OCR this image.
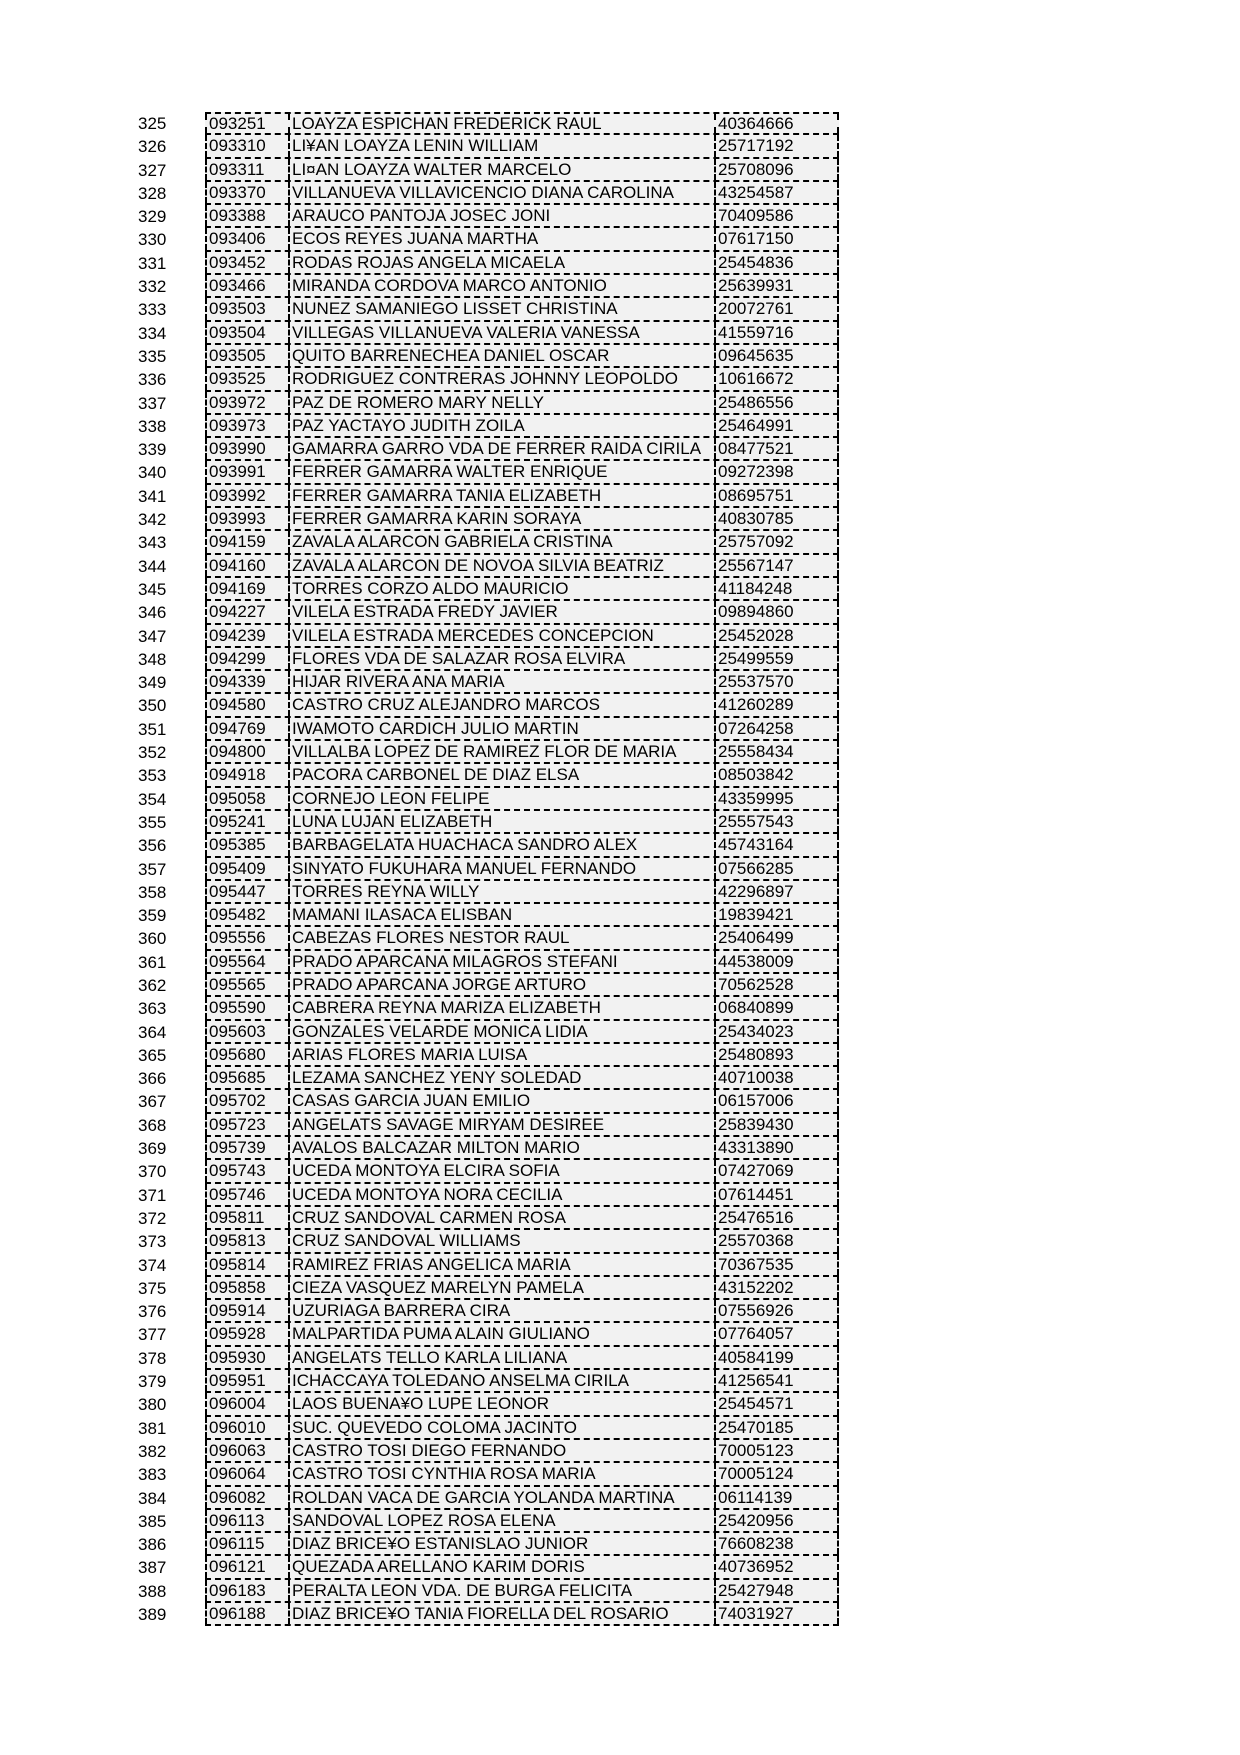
325	093251	LOAYZA ESPICHAN FREDERICK RAUL	40364666
326	093310	LI¥AN LOAYZA LENIN WILLIAM	25717192
327	093311	LI¤AN LOAYZA WALTER MARCELO	25708096
328	093370	VILLANUEVA VILLAVICENCIO DIANA CAROLINA	43254587
329	093388	ARAUCO PANTOJA JOSEC JONI	70409586
330	093406	ECOS REYES JUANA MARTHA	07617150
331	093452	RODAS ROJAS ANGELA MICAELA	25454836
332	093466	MIRANDA CORDOVA MARCO ANTONIO	25639931
333	093503	NUNEZ SAMANIEGO LISSET CHRISTINA	20072761
334	093504	VILLEGAS VILLANUEVA VALERIA VANESSA	41559716
335	093505	QUITO BARRENECHEA DANIEL OSCAR	09645635
336	093525	RODRIGUEZ CONTRERAS JOHNNY LEOPOLDO	10616672
337	093972	PAZ DE ROMERO MARY NELLY	25486556
338	093973	PAZ YACTAYO JUDITH ZOILA	25464991
339	093990	GAMARRA GARRO VDA DE FERRER RAIDA CIRILA 08477521
340	093991	FERRER GAMARRA WALTER ENRIQUE	09272398
341	093992	FERRER GAMARRA TANIA ELIZABETH	08695751
342	093993	FERRER GAMARRA KARIN SORAYA	40830785
343	094159	ZAVALA ALARCON GABRIELA CRISTINA	25757092
344	094160	ZAVALA ALARCON DE NOVOA SILVIA BEATRIZ	25567147
345	094169	TORRES CORZO ALDO MAURICIO	41184248
346	094227	VILELA ESTRADA FREDY JAVIER	09894860
347	094239	VILELA ESTRADA MERCEDES CONCEPCION	25452028
348	094299	FLORES VDA DE SALAZAR ROSA ELVIRA	25499559
349	094339	HIJAR RIVERA ANA MARIA	25537570
350	094580	CASTRO CRUZ ALEJANDRO MARCOS	41260289
351	094769	IWAMOTO CARDICH JULIO MARTIN	07264258
352	094800	VILLALBA LOPEZ DE RAMIREZ FLOR DE MARIA	25558434
353	094918	PACORA CARBONEL DE DIAZ ELSA	08503842
354	095058	CORNEJO LEON FELIPE	43359995
355	095241	LUNA LUJAN ELIZABETH	25557543
356	095385	BARBAGELATA HUACHACA SANDRO ALEX	45743164
357	095409	SINYATO FUKUHARA MANUEL FERNANDO	07566285
358	095447	TORRES REYNA WILLY	42296897
359	095482	MAMANI ILASACA ELISBAN	19839421
360	095556	CABEZAS FLORES NESTOR RAUL	25406499
361	095564	PRADO APARCANA MILAGROS STEFANI	44538009
362	095565	PRADO APARCANA JORGE ARTURO	70562528
363	095590	CABRERA REYNA MARIZA ELIZABETH	06840899
364	095603	GONZALES VELARDE MONICA LIDIA	25434023
365	095680	ARIAS FLORES MARIA LUISA	25480893
366	095685	LEZAMA SANCHEZ YENY SOLEDAD	40710038
367	095702	CASAS GARCIA JUAN EMILIO	06157006
368	095723	ANGELATS SAVAGE MIRYAM DESIREE	25839430
369	095739	AVALOS BALCAZAR MILTON MARIO	43313890
370	095743	UCEDA MONTOYA ELCIRA SOFIA	07427069
371	095746	UCEDA MONTOYA NORA CECILIA	07614451
372	095811	CRUZ SANDOVAL CARMEN ROSA	25476516
373	095813	CRUZ SANDOVAL WILLIAMS	25570368
374	095814	RAMIREZ FRIAS ANGELICA MARIA	70367535
375	095858	CIEZA VASQUEZ MARELYN PAMELA	43152202
376	095914	UZURIAGA BARRERA CIRA	07556926
377	095928	MALPARTIDA PUMA ALAIN GIULIANO	07764057
378	095930	ANGELATS TELLO KARLA LILIANA	40584199
379	095951	ICHACCAYA TOLEDANO ANSELMA CIRILA	41256541
380	096004	LAOS BUENA¥O LUPE LEONOR	25454571
381	096010	SUC. QUEVEDO COLOMA JACINTO	25470185
382	096063	CASTRO TOSI DIEGO FERNANDO	70005123
383	096064	CASTRO TOSI CYNTHIA ROSA MARIA	70005124
384	096082	ROLDAN VACA DE GARCIA YOLANDA MARTINA	06114139
385	096113	SANDOVAL LOPEZ ROSA ELENA	25420956
386	096115	DIAZ BRICE¥O ESTANISLAO JUNIOR	76608238
387	096121	QUEZADA ARELLANO KARIM DORIS	40736952
388	096183	PERALTA LEON VDA. DE BURGA FELICITA	25427948
389	096188	DIAZ BRICE¥O TANIA FIORELLA DEL ROSARIO	74031927
